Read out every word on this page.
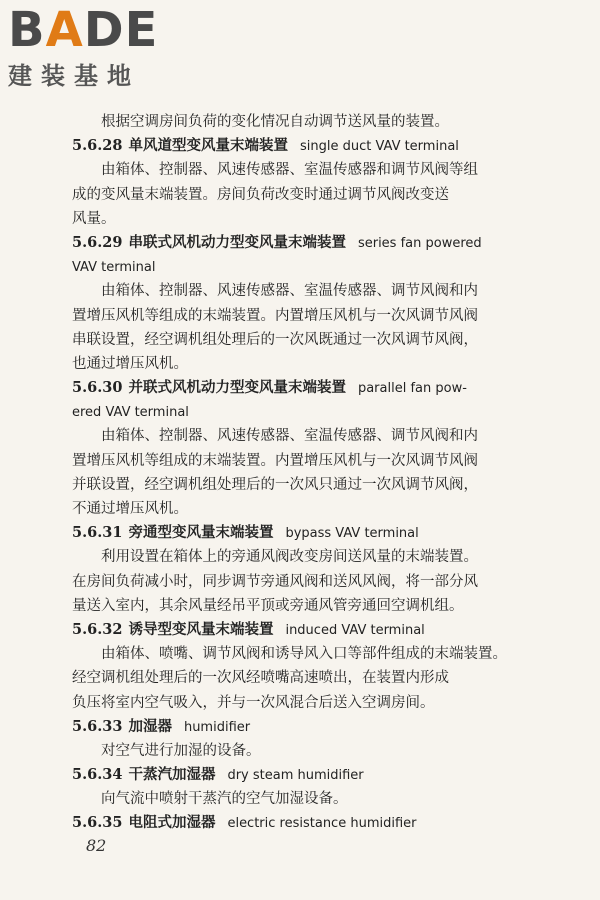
BADE
建装基地
根据空调房间负荷的变化情况自动调节送风量的装置。
5.6.28 单风道型变风量末端装置 single duct VAV terminal
由箱体、控制器、风速传感器、室温传感器和调节风阀等组
成的变风量末端装置。房间负荷改变时通过调节风阀改变送
风量。
5.6.29 串联式风机动力型变风量末端装置 series fan powered
VAV terminal
由箱体、控制器、风速传感器、室温传感器、调节风阀和内
置增压风机等组成的末端装置。内置增压风机与一次风调节风阀
串联设置，经空调机组处理后的一次风既通过一次风调节风阀，
也通过增压风机。
5.6.30 并联式风机动力型变风量末端装置 parallel fan pow-
ered VAV terminal
由箱体、控制器、风速传感器、室温传感器、调节风阀和内
置增压风机等组成的末端装置。内置增压风机与一次风调节风阀
并联设置，经空调机组处理后的一次风只通过一次风调节风阀，
不通过增压风机。
5.6.31 旁通型变风量末端装置 bypass VAV terminal
利用设置在箱体上的旁通风阀改变房间送风量的末端装置。
在房间负荷减小时，同步调节旁通风阀和送风风阀，将一部分风
量送入室内，其余风量经吊平顶或旁通风管旁通回空调机组。
5.6.32 诱导型变风量末端装置 induced VAV terminal
由箱体、喷嘴、调节风阀和诱导风入口等部件组成的末端装置。
经空调机组处理后的一次风经喷嘴高速喷出，在装置内形成
负压将室内空气吸入，并与一次风混合后送入空调房间。
5.6.33 加湿器 humidifier
对空气进行加湿的设备。
5.6.34 干蒸汽加湿器 dry steam humidifier
向气流中喷射干蒸汽的空气加湿设备。
5.6.35 电阻式加湿器 electric resistance humidifier
82
